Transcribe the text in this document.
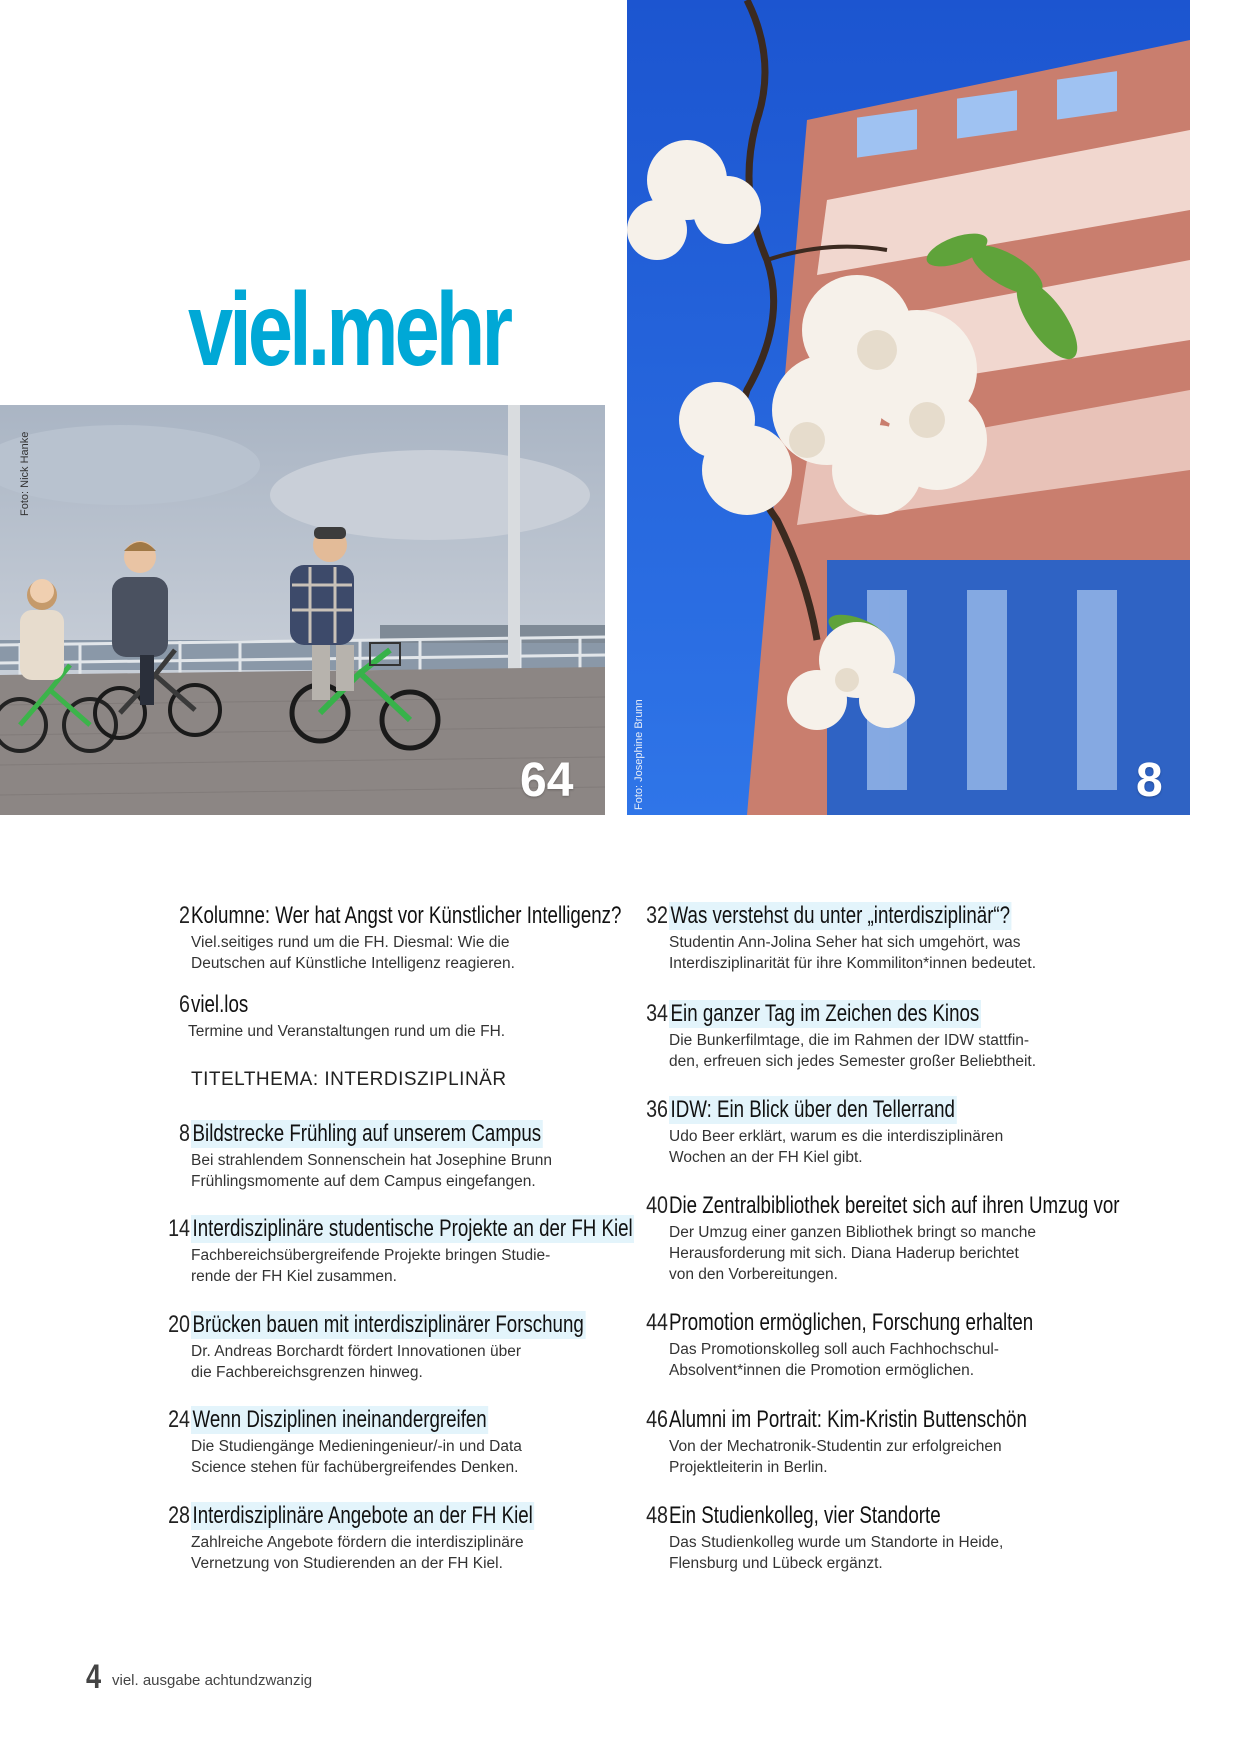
viel.mehr
Foto: Nick Hanke
64	Foto: Josephine Brunn	8
2 Kolumne: Wer hat Angst vor Künstlicher Intelligenz?
Viel.seitiges rund um die FH. Diesmal: Wie die
Deutschen auf Künstliche Intelligenz reagieren.
6 viel.los
Termine und Veranstaltungen rund um die FH.
TITELTHEMA: INTERDISZIPLINÄR
8 Bildstrecke Frühling auf unserem Campus
Bei strahlendem Sonnenschein hat Josephine Brunn
Frühlingsmomente auf dem Campus eingefangen.
14 Interdisziplinäre studentische Projekte an der FH Kiel
Fachbereichsübergreifende Projekte bringen Studie-
rende der FH Kiel zusammen.
20 Brücken bauen mit interdisziplinärer Forschung
Dr. Andreas Borchardt fördert Innovationen über
die Fachbereichsgrenzen hinweg.
24 Wenn Disziplinen ineinandergreifen
Die Studiengänge Medieningenieur/-in und Data
Science stehen für fachübergreifendes Denken.
28 Interdisziplinäre Angebote an der FH Kiel
Zahlreiche Angebote fördern die interdisziplinäre
Vernetzung von Studierenden an der FH Kiel.
32 Was verstehst du unter „interdisziplinär“?
Studentin Ann-Jolina Seher hat sich umgehört, was
Interdisziplinarität für ihre Kommiliton*innen bedeutet.
34 Ein ganzer Tag im Zeichen des Kinos
Die Bunkerfilmtage, die im Rahmen der IDW stattfin-
den, erfreuen sich jedes Semester großer Beliebtheit.
36 IDW: Ein Blick über den Tellerrand
Udo Beer erklärt, warum es die interdisziplinären
Wochen an der FH Kiel gibt.
40 Die Zentralbibliothek bereitet sich auf ihren Umzug vor
Der Umzug einer ganzen Bibliothek bringt so manche
Herausforderung mit sich. Diana Haderup berichtet
von den Vorbereitungen.
44 Promotion ermöglichen, Forschung erhalten
Das Promotionskolleg soll auch Fachhochschul-
Absolvent*innen die Promotion ermöglichen.
46 Alumni im Portrait: Kim-Kristin Buttenschön
Von der Mechatronik-Studentin zur erfolgreichen
Projektleiterin in Berlin.
48 Ein Studienkolleg, vier Standorte
Das Studienkolleg wurde um Standorte in Heide,
Flensburg und Lübeck ergänzt.
4 viel. ausgabe achtundzwanzig
